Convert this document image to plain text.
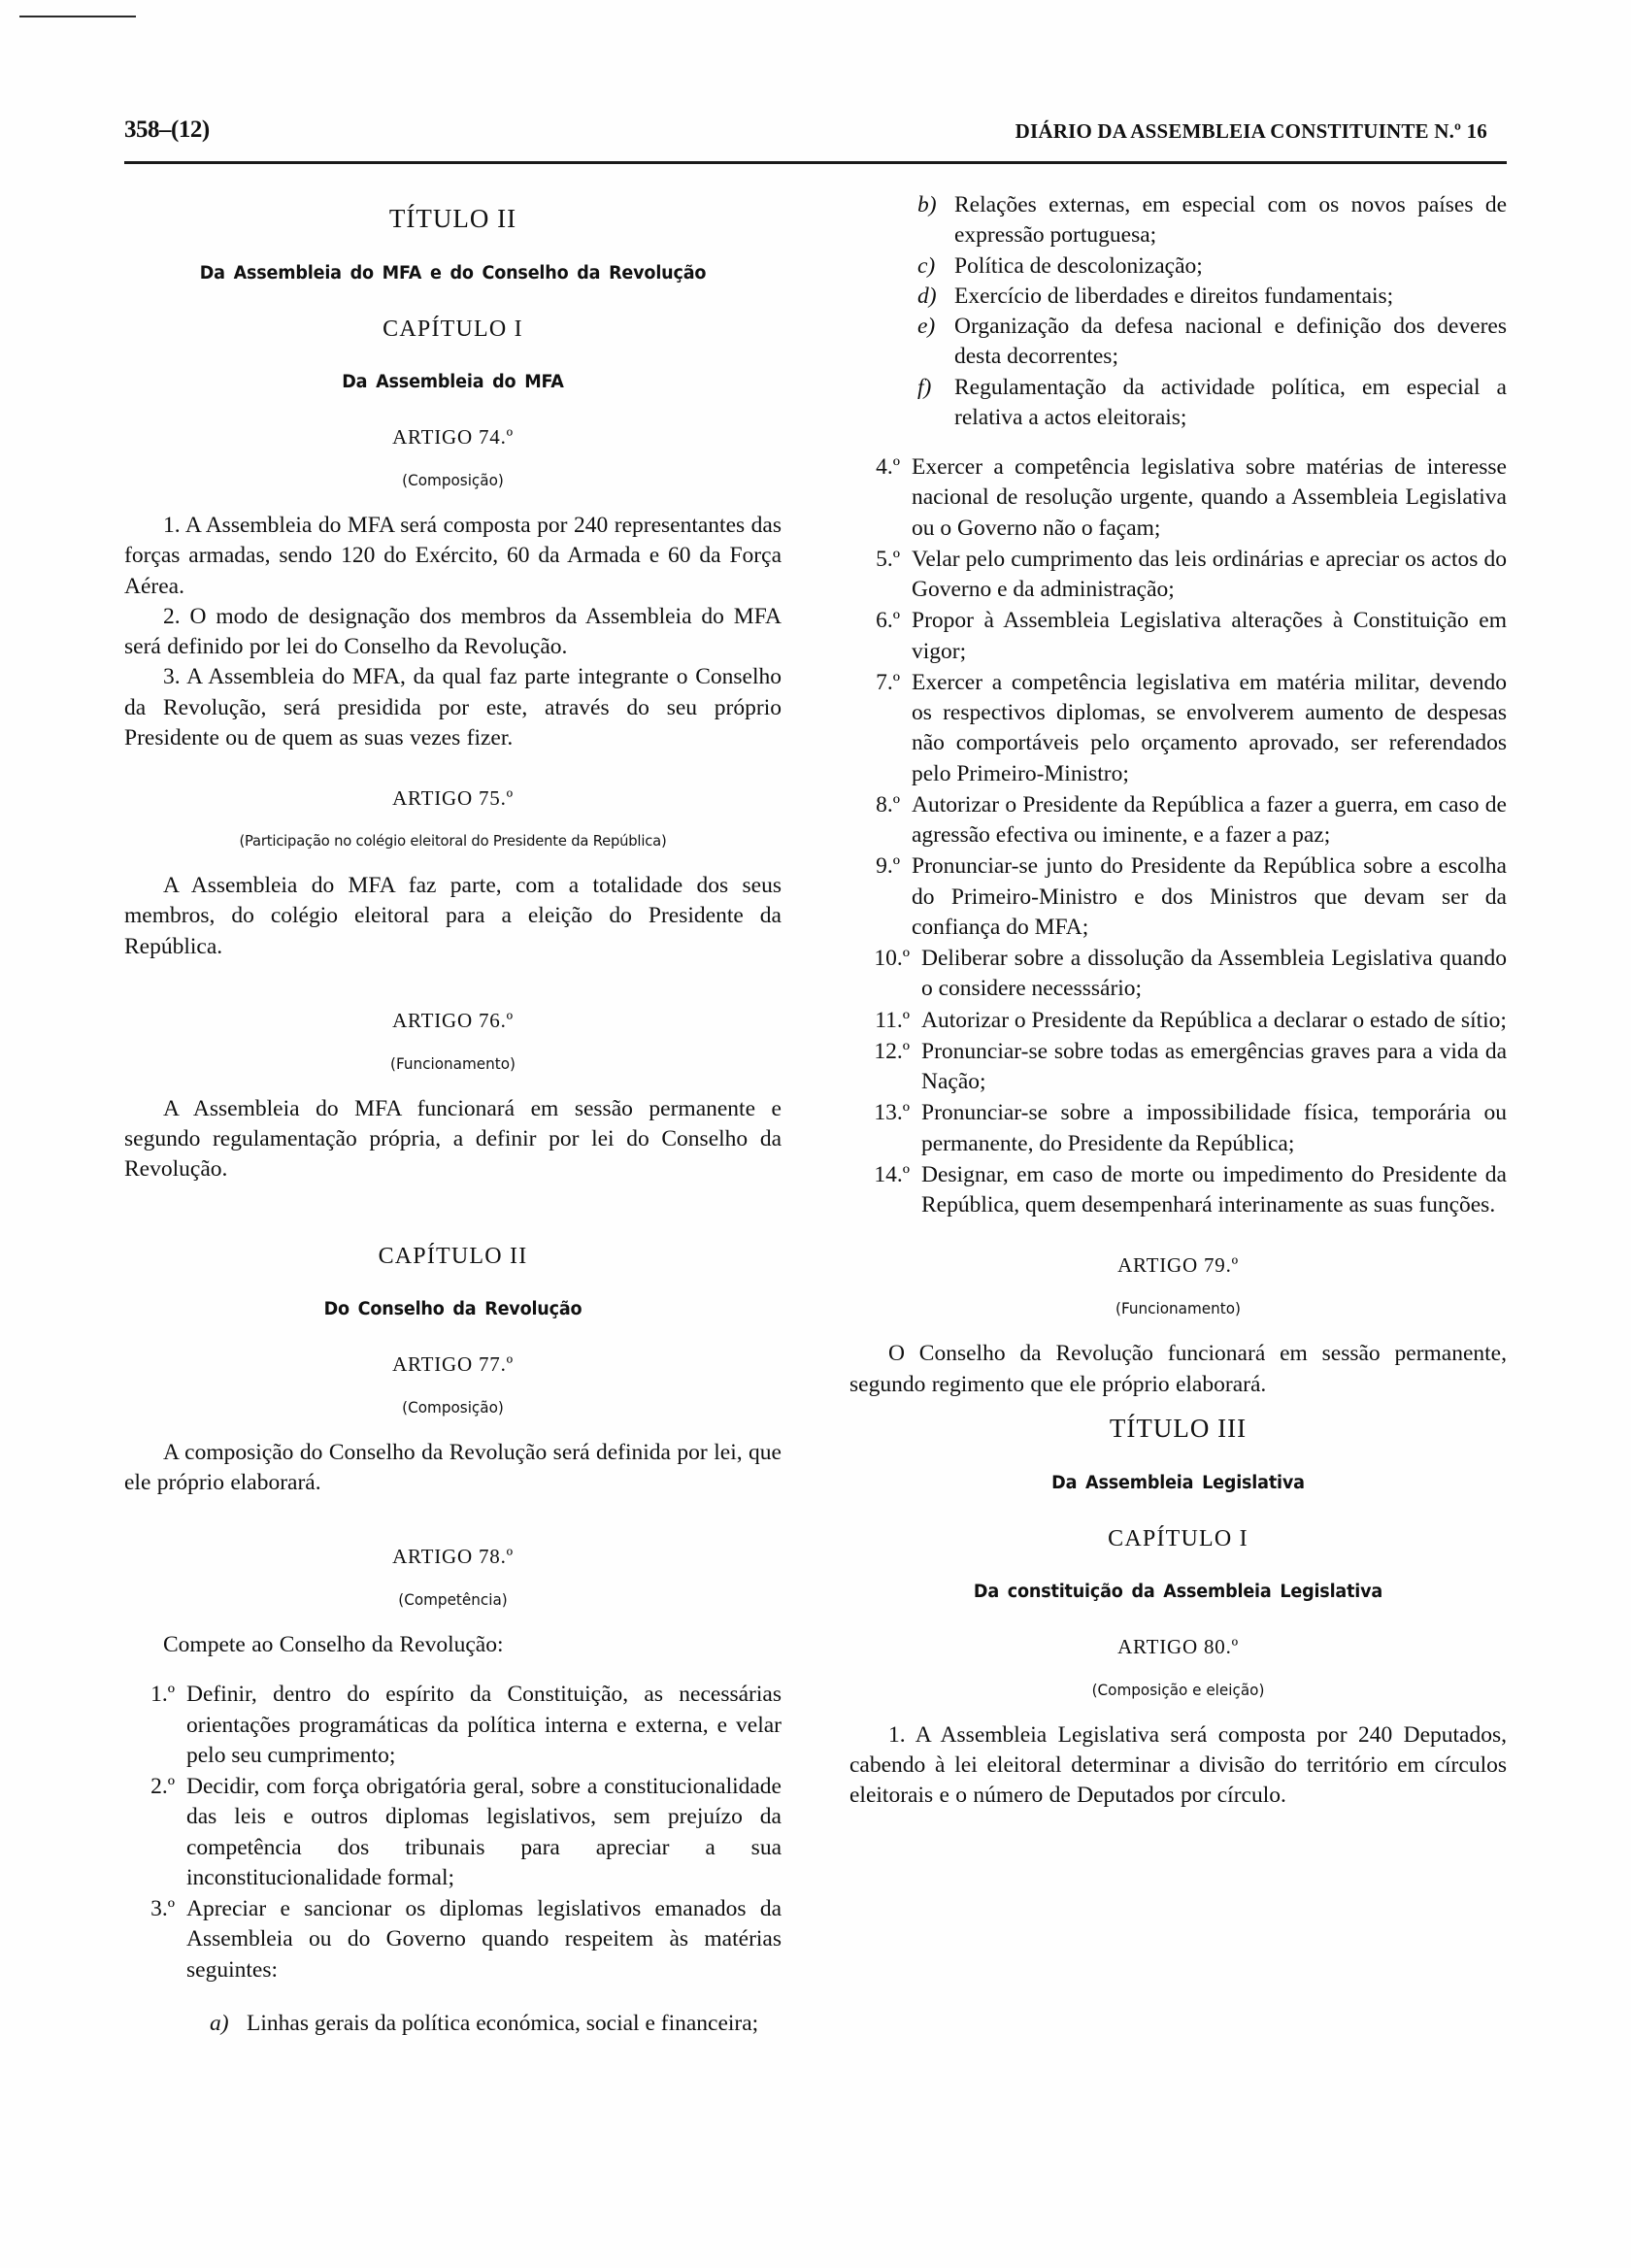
358–(12)	DIÁRIO DA ASSEMBLEIA CONSTITUINTE N.º 16
TÍTULO II
Da Assembleia do MFA e do Conselho da Revolução
CAPÍTULO I
Da Assembleia do MFA
ARTIGO 74.º
(Composição)

1. A Assembleia do MFA será composta por 240 representantes das forças armadas, sendo 120 do Exército, 60 da Armada e 60 da Força Aérea.

2. O modo de designação dos membros da Assembleia do MFA será definido por lei do Conselho da Revolução.

3. A Assembleia do MFA, da qual faz parte integrante o Conselho da Revolução, será presidida por este, através do seu próprio Presidente ou de quem as suas vezes fizer.

ARTIGO 75.º
(Participação no colégio eleitoral do Presidente da República)

A Assembleia do MFA faz parte, com a totalidade dos seus membros, do colégio eleitoral para a eleição do Presidente da República.

ARTIGO 76.º
(Funcionamento)

A Assembleia do MFA funcionará em sessão permanente e segundo regulamentação própria, a definir por lei do Conselho da Revolução.

CAPÍTULO II
Do Conselho da Revolução
ARTIGO 77.º
(Composição)

A composição do Conselho da Revolução será definida por lei, que ele próprio elaborará.

ARTIGO 78.º
(Competência)

Compete ao Conselho da Revolução:

1.º Definir, dentro do espírito da Constituição, as necessárias orientações programáticas da política interna e externa, e velar pelo seu cumprimento;
2.º Decidir, com força obrigatória geral, sobre a constitucionalidade das leis e outros diplomas legislativos, sem prejuízo da competência dos tribunais para apreciar a sua inconstitucionalidade formal;
3.º Apreciar e sancionar os diplomas legislativos emanados da Assembleia ou do Governo quando respeitem às matérias seguintes:
a) Linhas gerais da política económica, social e financeira;
b) Relações externas, em especial com os novos países de expressão portuguesa;
c) Política de descolonização;
d) Exercício de liberdades e direitos fundamentais;
e) Organização da defesa nacional e definição dos deveres desta decorrentes;
f)	Regulamentação da actividade política, em especial a relativa a actos eleitorais;
4.º Exercer a competência legislativa sobre matérias de interesse nacional de resolução urgente, quando a Assembleia Legislativa ou o Governo não o façam;
5.º Velar pelo cumprimento das leis ordinárias e apreciar os actos do Governo e da administração;
6.º Propor à Assembleia Legislativa alterações à Constituição em vigor;
7.º Exercer a competência legislativa em matéria militar, devendo os respectivos diplomas, se envolverem aumento de despesas não comportáveis pelo orçamento aprovado, ser referendados pelo Primeiro-Ministro;
8.º Autorizar o Presidente da República a fazer a guerra, em caso de agressão efectiva ou iminente, e a fazer a paz;
9.º Pronunciar-se junto do Presidente da República sobre a escolha do Primeiro-Ministro e dos Ministros que devam ser da confiança do MFA;
10.º Deliberar sobre a dissolução da Assembleia Legislativa quando o considere necesssário;
11.º Autorizar o Presidente da República a declarar o estado de sítio;
12.º Pronunciar-se sobre todas as emergências graves para a vida da Nação;
13.º Pronunciar-se sobre a impossibilidade física, temporária ou permanente, do Presidente da República;
14.º Designar, em caso de morte ou impedimento do Presidente da República, quem desempenhará interinamente as suas funções.
ARTIGO 79.º
(Funcionamento)

O Conselho da Revolução funcionará em sessão permanente, segundo regimento que ele próprio elaborará.

TÍTULO III
Da Assembleia Legislativa
CAPÍTULO I
Da constituição da Assembleia Legislativa
ARTIGO 80.º
(Composição e eleição)

1. A Assembleia Legislativa será composta por 240 Deputados, cabendo à lei eleitoral determinar a divisão do território em círculos eleitorais e o número de Deputados por círculo.
